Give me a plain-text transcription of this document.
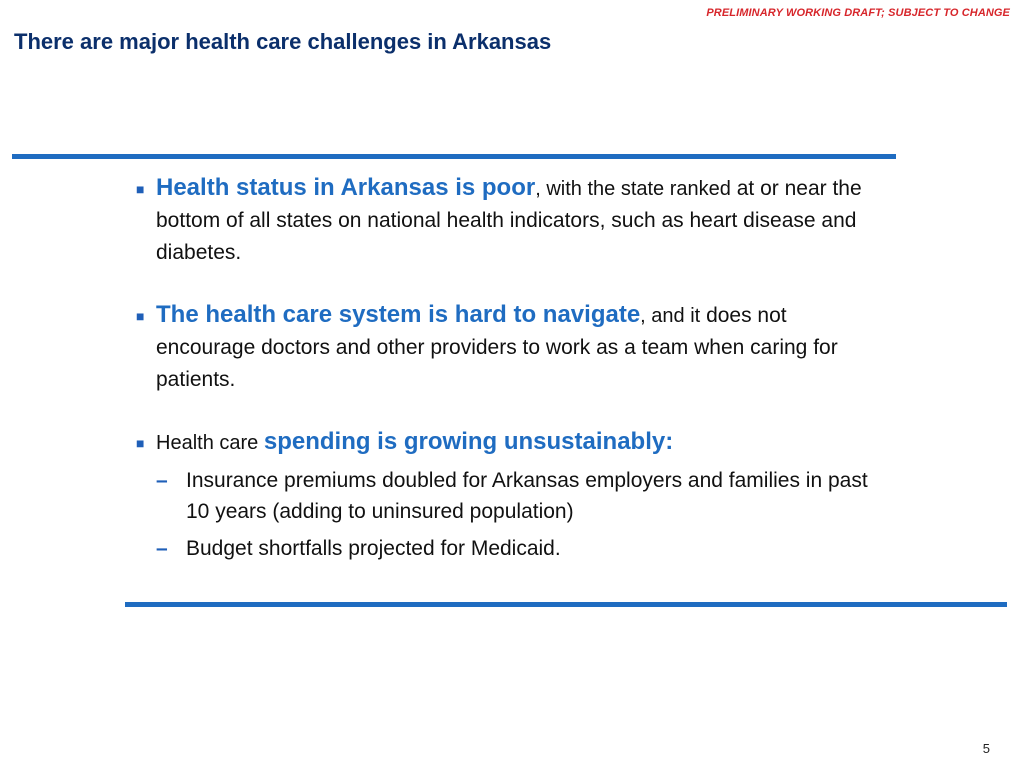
PRELIMINARY WORKING DRAFT; SUBJECT TO CHANGE
There are major health care challenges in Arkansas
■ Health status in Arkansas is poor, with the state ranked at or near the bottom of all states on national health indicators, such as heart disease and diabetes.
■ The health care system is hard to navigate, and it does not encourage doctors and other providers to work as a team when caring for patients.
■ Health care spending is growing unsustainably:
– Insurance premiums doubled for Arkansas employers and families in past 10 years (adding to uninsured population)
– Budget shortfalls projected for Medicaid.
5
